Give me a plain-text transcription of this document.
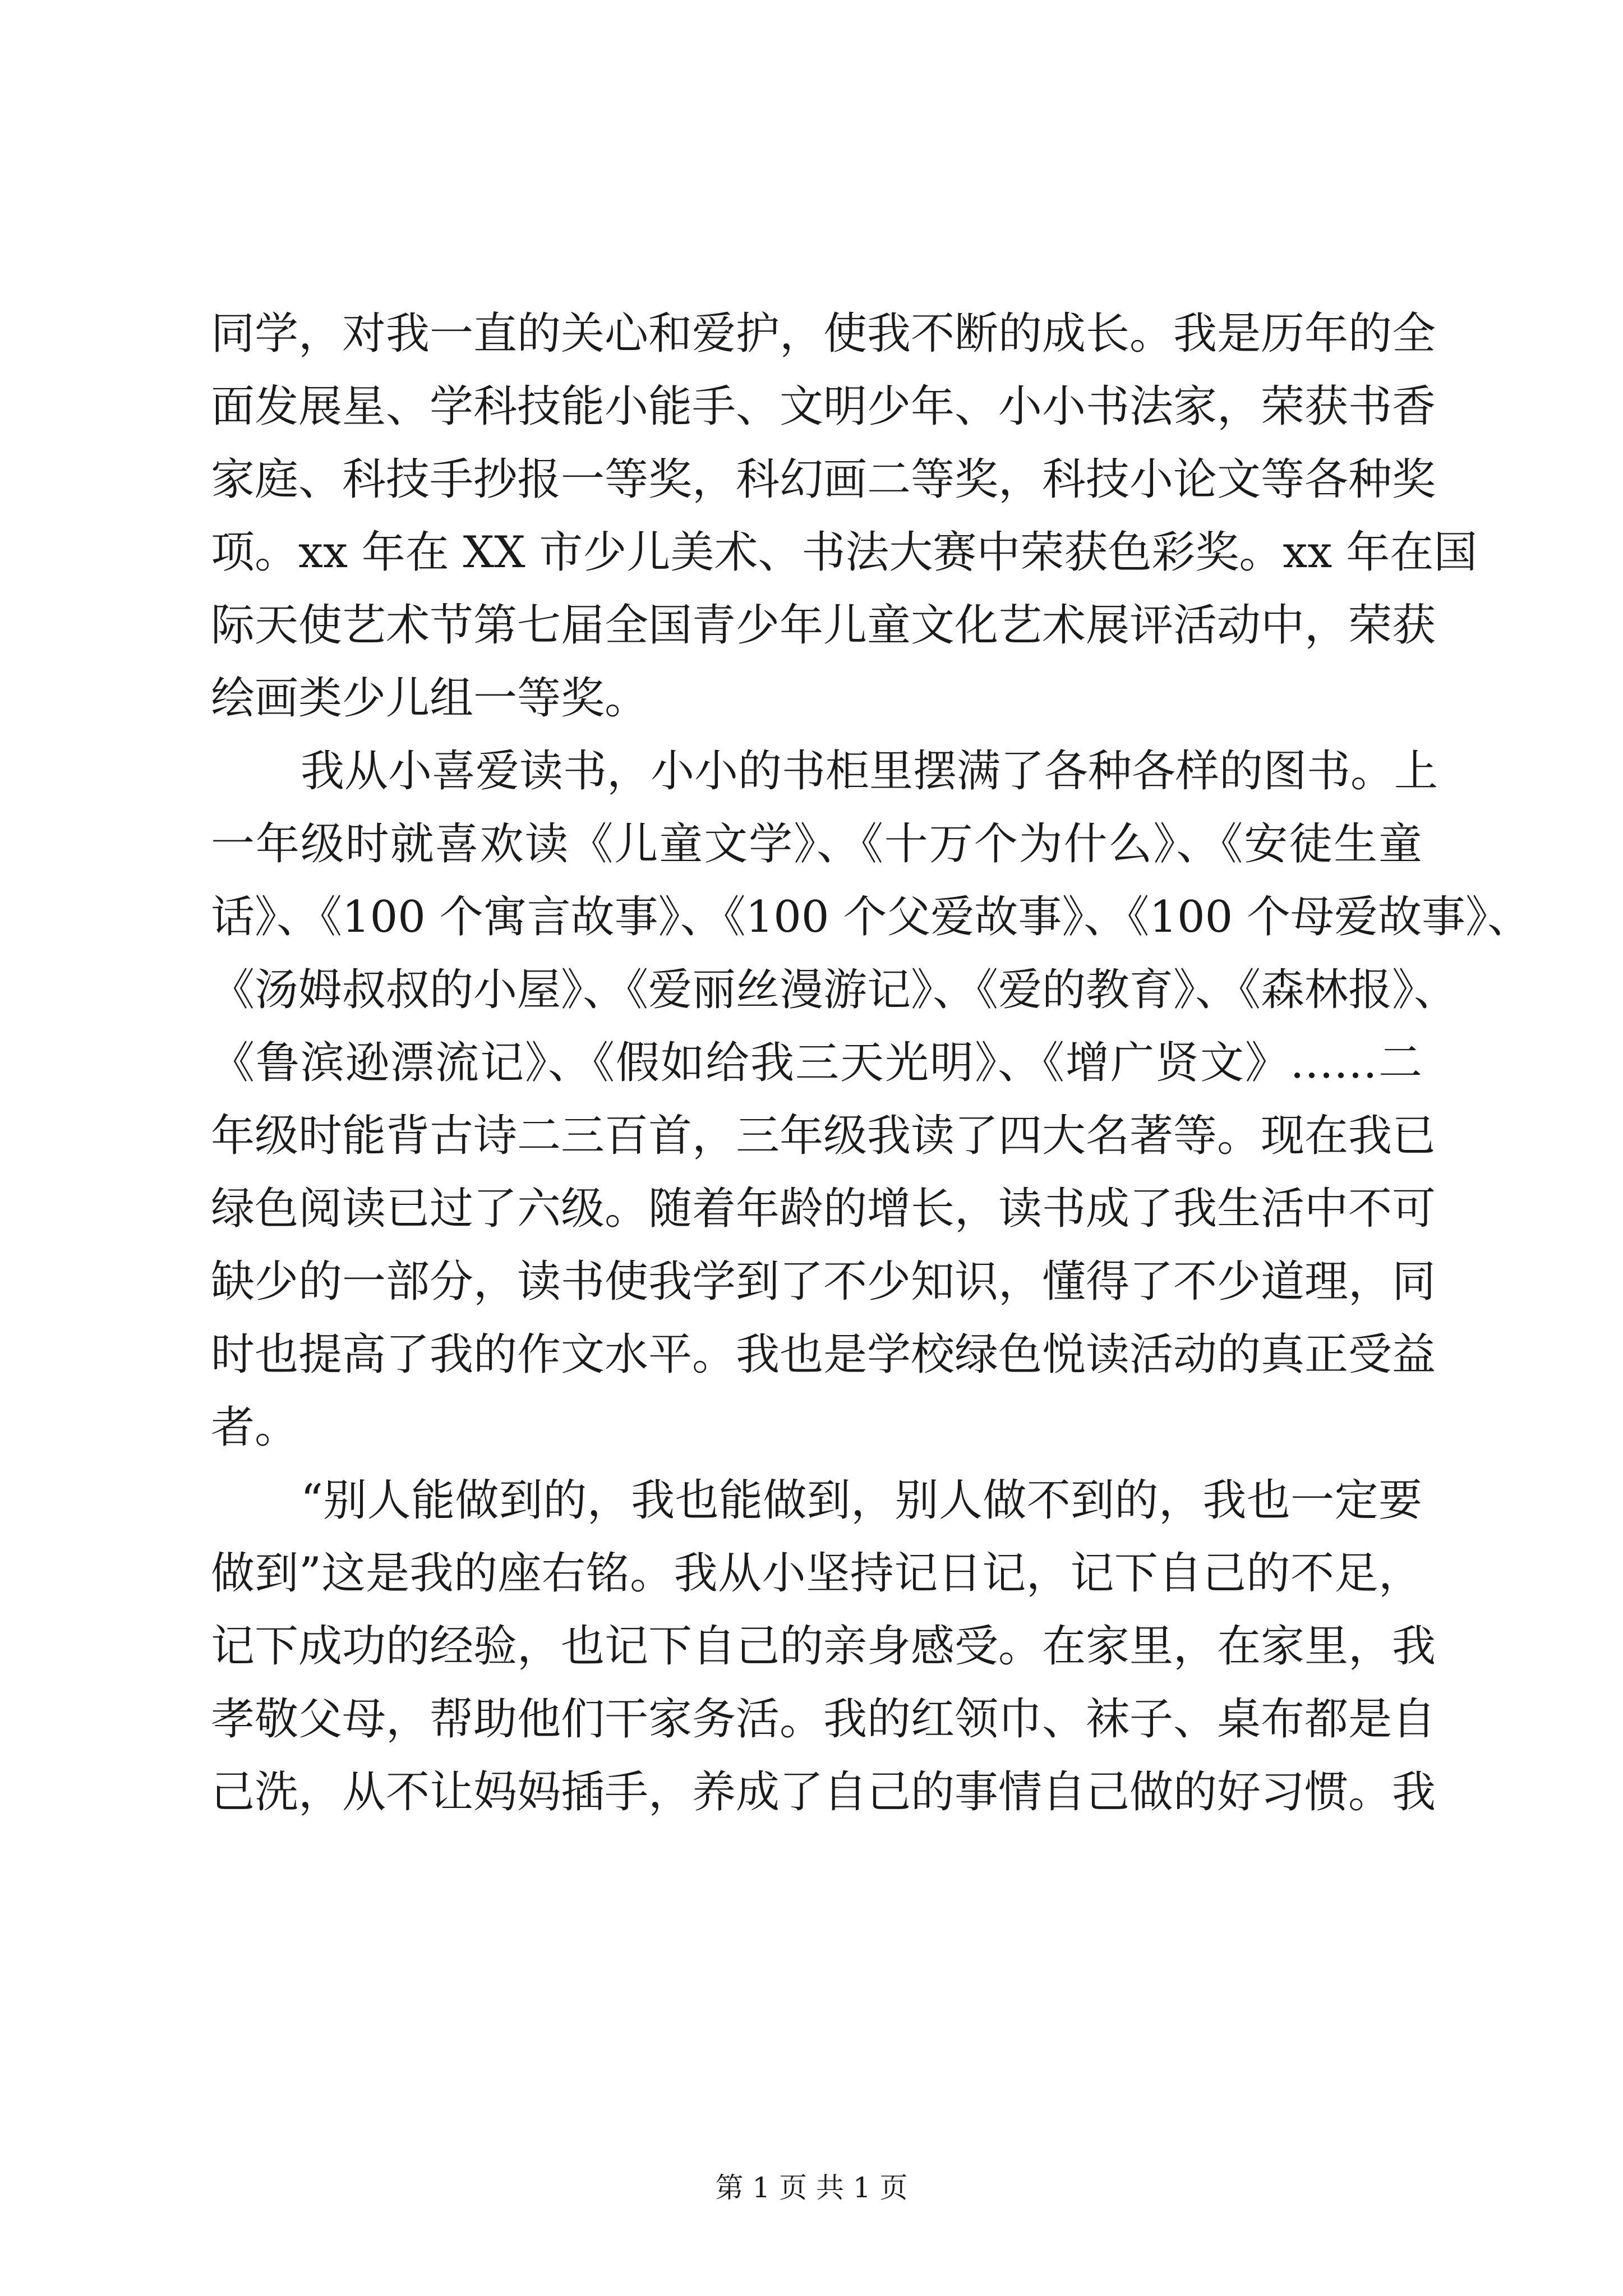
同学，对我一直的关心和爱护，使我不断的成长。我是历年的全
面发展星、学科技能小能手、文明少年、小小书法家，荣获书香
家庭、科技手抄报一等奖，科幻画二等奖，科技小论文等各种奖
项。xx 年在 XX 市少儿美术、书法大赛中荣获色彩奖。xx 年在国
际天使艺术节第七届全国青少年儿童文化艺术展评活动中，荣获
绘画类少儿组一等奖。
我从小喜爱读书，小小的书柜里摆满了各种各样的图书。上
一年级时就喜欢读《儿童文学》、《十万个为什么》、《安徒生童
话》、《100 个寓言故事》、《100 个父爱故事》、《100 个母爱故事》、
《汤姆叔叔的小屋》、《爱丽丝漫游记》、《爱的教育》、《森林报》、
《鲁滨逊漂流记》、《假如给我三天光明》、《增广贤文》……二
年级时能背古诗二三百首，三年级我读了四大名著等。现在我已
绿色阅读已过了六级。随着年龄的增长，读书成了我生活中不可
缺少的一部分，读书使我学到了不少知识，懂得了不少道理，同
时也提高了我的作文水平。我也是学校绿色悦读活动的真正受益
者。
“别人能做到的，我也能做到，别人做不到的，我也一定要
做到”这是我的座右铭。我从小坚持记日记，记下自己的不足，
记下成功的经验，也记下自己的亲身感受。在家里，在家里，我
孝敬父母，帮助他们干家务活。我的红领巾、袜子、桌布都是自
己洗，从不让妈妈插手，养成了自己的事情自己做的好习惯。我
第 1 页 共 1 页
